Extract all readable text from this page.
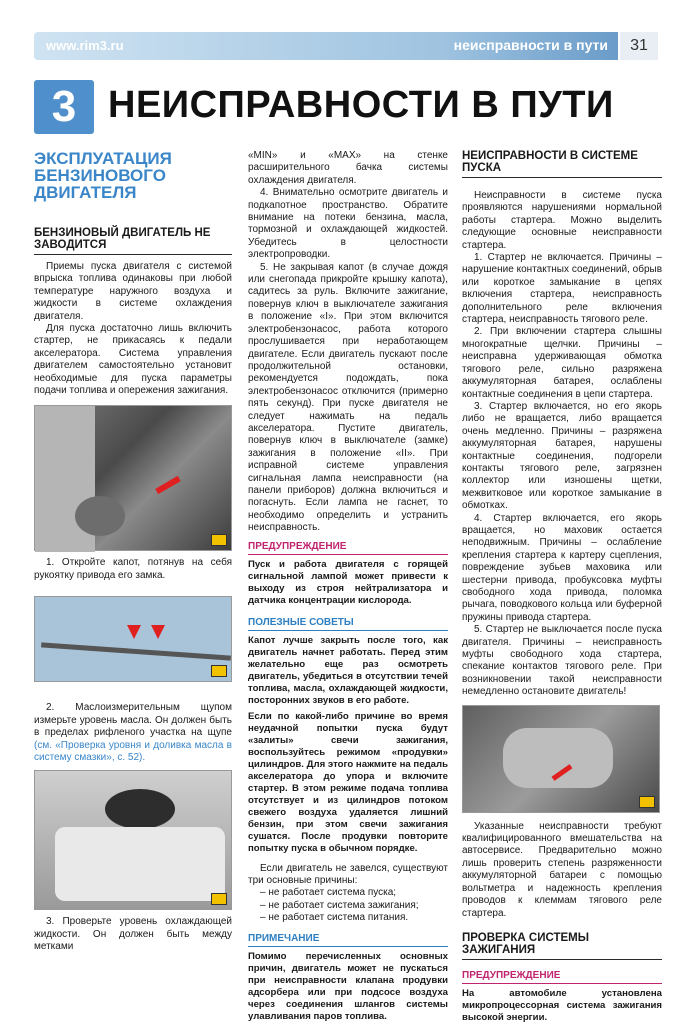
www.rim3.ru	неисправности в пути	31
3 НЕИСПРАВНОСТИ В ПУТИ
ЭКСПЛУАТАЦИЯ БЕНЗИНОВОГО ДВИГАТЕЛЯ
БЕНЗИНОВЫЙ ДВИГАТЕЛЬ НЕ ЗАВОДИТСЯ

Приемы пуска двигателя с системой впрыска топлива одинаковы при любой температуре наружного воздуха и жидкости в системе охлаждения двигателя.

Для пуска достаточно лишь включить стартер, не прикасаясь к педали акселератора. Система управления двигателем самостоятельно установит необходимые для пуска параметры подачи топлива и опережения зажигания.

1. Откройте капот, потянув на себя рукоятку привода его замка.

2. Маслоизмерительным щупом измерьте уровень масла. Он должен быть в пределах рифленого участка на щупе (см. «Проверка уровня и доливка масла в систему смазки», с. 52).

3. Проверьте уровень охлаждающей жидкости. Он должен быть между метками

«MIN» и «MAX» на стенке расширительного бачка системы охлаждения двигателя.

4. Внимательно осмотрите двигатель и подкапотное пространство. Обратите внимание на потеки бензина, масла, тормозной и охлаждающей жидкостей. Убедитесь в целостности электропроводки.

5. Не закрывая капот (в случае дождя или снегопада прикройте крышку капота), садитесь за руль. Включите зажигание, повернув ключ в выключателе зажигания в положение «I». При этом включится электробензонасос, работа которого прослушивается при неработающем двигателе. Если двигатель пускают после продолжительной остановки, рекомендуется подождать, пока электробензонасос отключится (примерно пять секунд). При пуске двигателя не следует нажимать на педаль акселератора. Пустите двигатель, повернув ключ в выключателе (замке) зажигания в положение «II». При исправной системе управления сигнальная лампа неисправности (на панели приборов) должна включиться и погаснуть. Если лампа не гаснет, то необходимо определить и устранить неисправность.

ПРЕДУПРЕЖДЕНИЕ

Пуск и работа двигателя с горящей сигнальной лампой может привести к выходу из строя нейтрализатора и датчика концентрации кислорода.

ПОЛЕЗНЫЕ СОВЕТЫ

Капот лучше закрыть после того, как двигатель начнет работать. Перед этим желательно еще раз осмотреть двигатель, убедиться в отсутствии течей топлива, масла, охлаждающей жидкости, посторонних звуков в его работе.

Если по какой-либо причине во время неудачной попытки пуска будут «залиты» свечи зажигания, воспользуйтесь режимом «продувки» цилиндров. Для этого нажмите на педаль акселератора до упора и включите стартер. В этом режиме подача топлива отсутствует и из цилиндров потоком свежего воздуха удаляется лишний бензин, при этом свечи зажигания сушатся. После продувки повторите попытку пуска в обычном порядке.

Если двигатель не завелся, существуют три основные причины:

– не работает система пуска;
– не работает система зажигания;
– не работает система питания.
ПРИМЕЧАНИЕ

Помимо перечисленных основных причин, двигатель может не пускаться при неисправности клапана продувки адсорбера или при подсосе воздуха через соединения шлангов системы улавливания паров топлива.

НЕИСПРАВНОСТИ В СИСТЕМЕ ПУСКА

Неисправности в системе пуска проявляются нарушениями нормальной работы стартера. Можно выделить следующие основные неисправности стартера.

1. Стартер не включается. Причины – нарушение контактных соединений, обрыв или короткое замыкание в цепях включения стартера, неисправность дополнительного реле включения стартера, неисправность тягового реле.

2. При включении стартера слышны многократные щелчки. Причины – неисправна удерживающая обмотка тягового реле, сильно разряжена аккумуляторная батарея, ослаблены контактные соединения в цепи стартера.

3. Стартер включается, но его якорь либо не вращается, либо вращается очень медленно. Причины – разряжена аккумуляторная батарея, нарушены контактные соединения, подгорели контакты тягового реле, загрязнен коллектор или изношены щетки, межвитковое или короткое замыкание в обмотках.

4. Стартер включается, его якорь вращается, но маховик остается неподвижным. Причины – ослабление крепления стартера к картеру сцепления, повреждение зубьев маховика или шестерни привода, пробуксовка муфты свободного хода привода, поломка рычага, поводкового кольца или буферной пружины привода стартера.

5. Стартер не выключается после пуска двигателя. Причины – неисправность муфты свободного хода стартера, спекание контактов тягового реле. При возникновении такой неисправности немедленно остановите двигатель!

Указанные неисправности требуют квалифицированного вмешательства на автосервисе. Предварительно можно лишь проверить степень разряженности аккумуляторной батареи с помощью вольтметра и надежность крепления проводов к клеммам тягового реле стартера.

ПРОВЕРКА СИСТЕМЫ ЗАЖИГАНИЯ
ПРЕДУПРЕЖДЕНИЕ

На автомобиле установлена микропроцессорная система зажигания высокой энергии.
